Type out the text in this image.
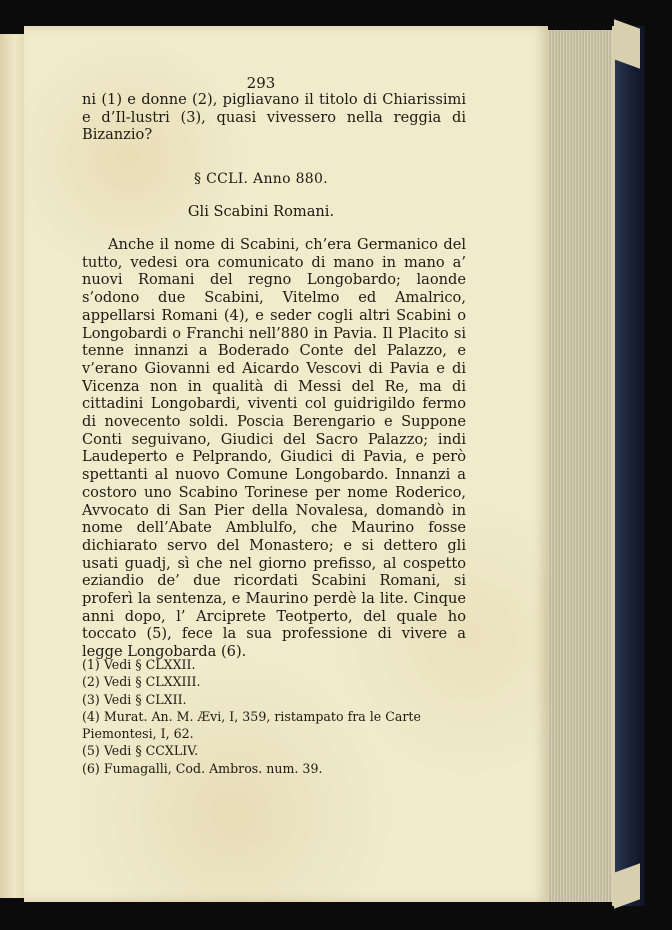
293

ni (1) e donne (2), pigliavano il titolo di Chiarissimi e d’Il-lustri (3), quasi vivessero nella reggia di Bizanzio?

§ CCLI. Anno 880.
Gli Scabini Romani.

Anche il nome di Scabini, ch’era Germanico del tutto, vedesi ora comunicato di mano in mano a’ nuovi Romani del regno Longobardo; laonde s’odono due Scabini, Vitelmo ed Amalrico, appellarsi Romani (4), e seder cogli altri Scabini o Longobardi o Franchi nell’880 in Pavia. Il Placito si tenne innanzi a Boderado Conte del Palazzo, e v’erano Giovanni ed Aicardo Vescovi di Pavia e di Vicenza non in qualità di Messi del Re, ma di cittadini Longobardi, viventi col guidrigildo fermo di novecento soldi. Poscia Berengario e Suppone Conti seguivano, Giudici del Sacro Palazzo; indi Laudeperto e Pelprando, Giudici di Pavia, e però spettanti al nuovo Comune Longobardo. Innanzi a costoro uno Scabino Torinese per nome Roderico, Avvocato di San Pier della Novalesa, domandò in nome dell’Abate Amblulfo, che Maurino fosse dichiarato servo del Monastero; e si dettero gli usati guadj, sì che nel giorno prefisso, al cospetto eziandio de’ due ricordati Scabini Romani, si proferì la sentenza, e Maurino perdè la lite. Cinque anni dopo, l’ Arciprete Teotperto, del quale ho toccato (5), fece la sua professione di vivere a legge Longobarda (6).

(1) Vedi § CLXXII.
(2) Vedi § CLXXIII.
(3) Vedi § CLXII.
(4) Murat. An. M. Ævi, I, 359, ristampato fra le Carte Piemontesi, I, 62.
(5) Vedi § CCXLIV.
(6) Fumagalli, Cod. Ambros. num. 39.
